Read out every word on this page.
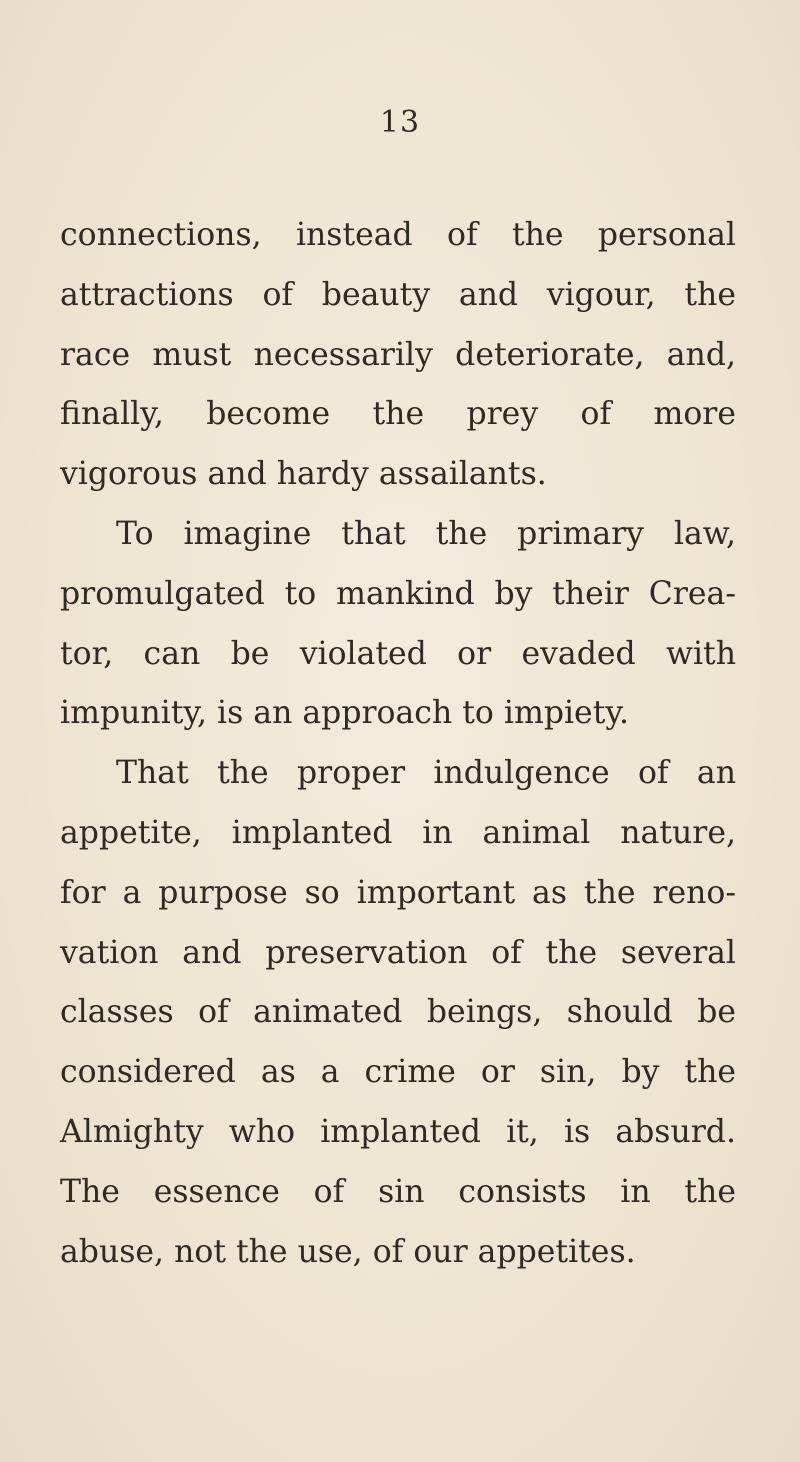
13
connections, instead of the personal
attractions of beauty and vigour, the
race must necessarily deteriorate, and,
finally, become the prey of more
vigorous and hardy assailants.
To imagine that the primary law,
promulgated to mankind by their Crea-
tor, can be violated or evaded with
impunity, is an approach to impiety.
That the proper indulgence of an
appetite, implanted in animal nature,
for a purpose so important as the reno-
vation and preservation of the several
classes of animated beings, should be
considered as a crime or sin, by the
Almighty who implanted it, is absurd.
The essence of sin consists in the
abuse, not the use, of our appetites.
